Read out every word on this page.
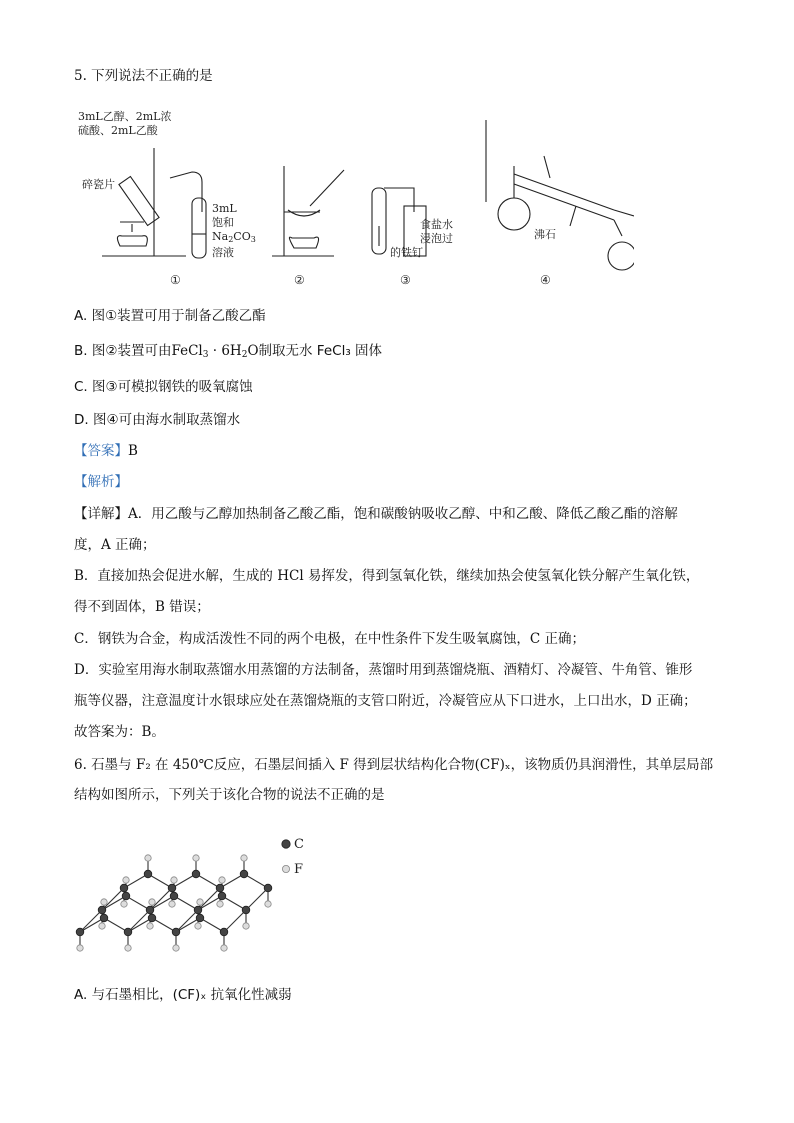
5. 下列说法不正确的是
3mL乙醇、2mL浓
硫酸、2mL乙酸
碎瓷片
3mL
饱和
Na2CO3
溶液
食盐水
浸泡过
的铁钉
沸石
①	②	③	④
A. 图①装置可用于制备乙酸乙酯
B. 图②装置可由FeCl$_3$ · $6H_2O$制取无水 FeCl₃ 固体
C. 图③可模拟钢铁的吸氧腐蚀
D. 图④可由海水制取蒸馏水
【答案】B
【解析】
【详解】A．用乙酸与乙醇加热制备乙酸乙酯，饱和碳酸钠吸收乙醇、中和乙酸、降低乙酸乙酯的溶解
度，A 正确；
B．直接加热会促进水解，生成的 HCl 易挥发，得到氢氧化铁，继续加热会使氢氧化铁分解产生氧化铁，
得不到固体，B 错误；
C．钢铁为合金，构成活泼性不同的两个电极，在中性条件下发生吸氧腐蚀，C 正确；
D．实验室用海水制取蒸馏水用蒸馏的方法制备，蒸馏时用到蒸馏烧瓶、酒精灯、冷凝管、牛角管、锥形
瓶等仪器，注意温度计水银球应处在蒸馏烧瓶的支管口附近，冷凝管应从下口进水，上口出水，D 正确；
故答案为：B。
6. 石墨与 F₂ 在 450℃反应，石墨层间插入 F 得到层状结构化合物(CF)ₓ，该物质仍具润滑性，其单层局部
结构如图所示，下列关于该化合物的说法不正确的是
C
F
A. 与石墨相比，(CF)ₓ 抗氧化性减弱
